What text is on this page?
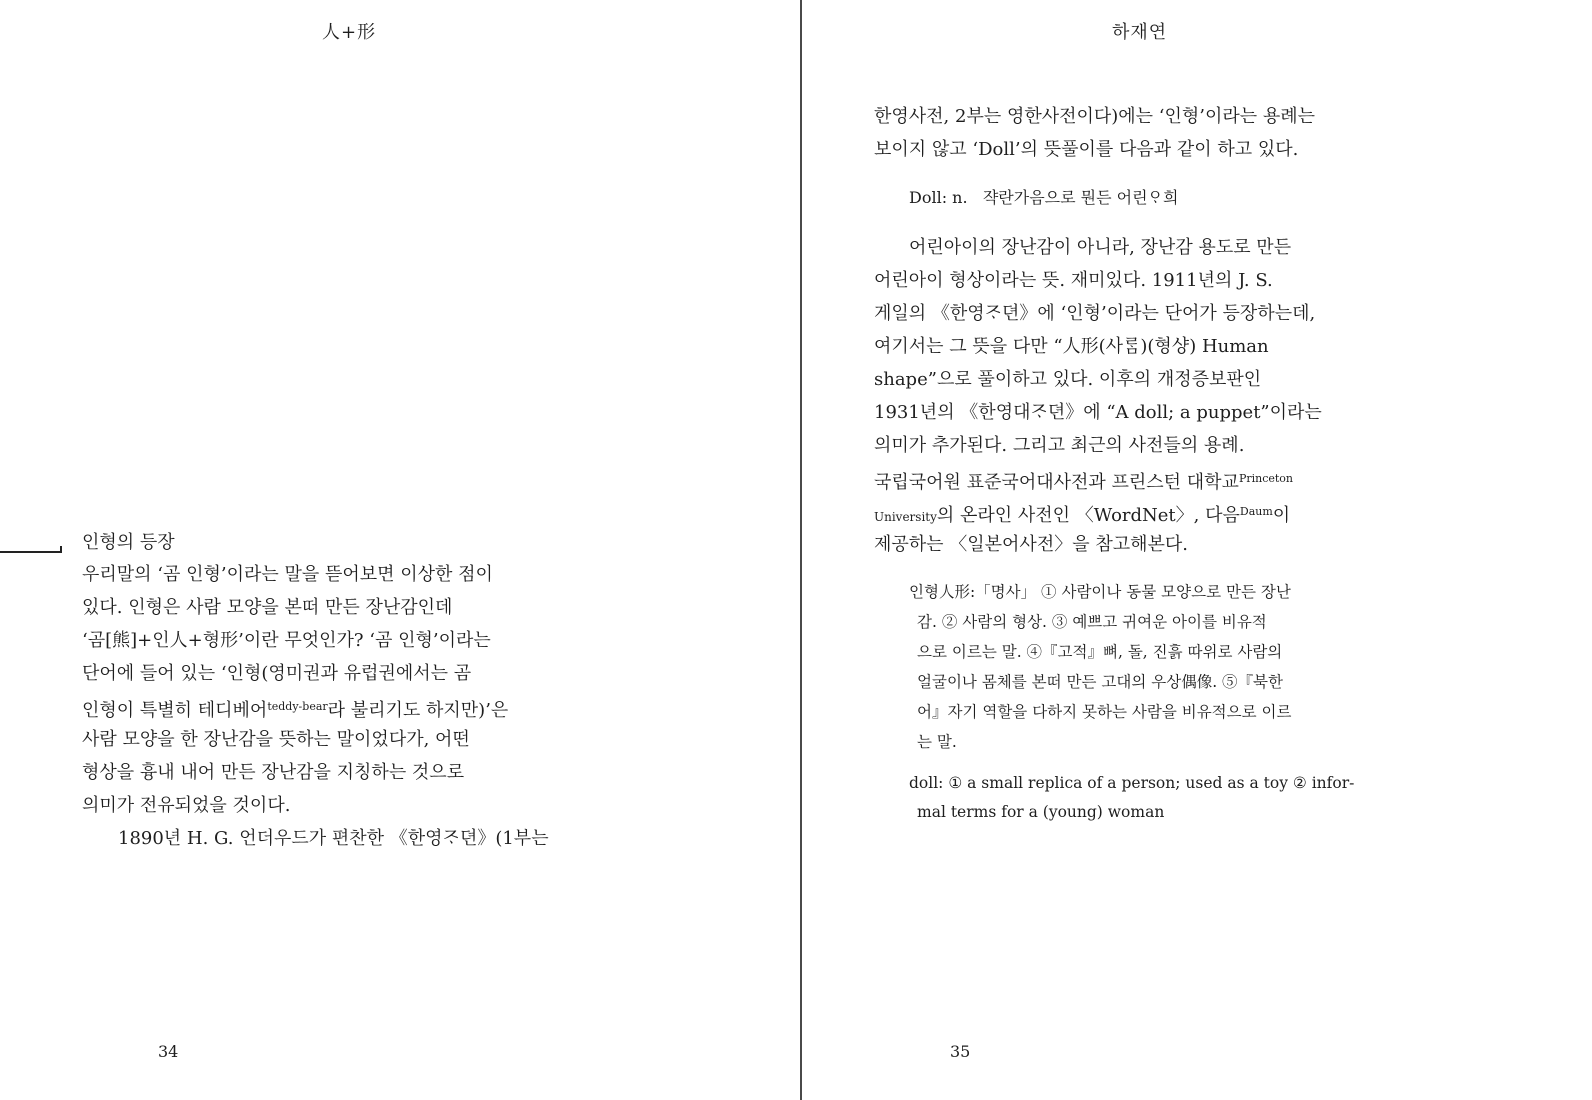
人+形
인형의 등장
우리말의 ‘곰 인형’이라는 말을 뜯어보면 이상한 점이
있다. 인형은 사람 모양을 본떠 만든 장난감인데
‘곰[熊]+인人+형形’이란 무엇인가? ‘곰 인형’이라는
단어에 들어 있는 ‘인형(영미권과 유럽권에서는 곰
인형이 특별히 테디베어$^{teddy-bear}$라 불리기도 하지만)’은
사람 모양을 한 장난감을 뜻하는 말이었다가, 어떤
형상을 흉내 내어 만든 장난감을 지칭하는 것으로
의미가 전유되었을 것이다.
1890년 H. G. 언더우드가 편찬한 《한영ᄌᆞ뎐》(1부는
34
하재연
한영사전, 2부는 영한사전이다)에는 ‘인형’이라는 용례는
보이지 않고 ‘Doll’의 뜻풀이를 다음과 같이 하고 있다.
Doll: n. 쟉란가음으로 뭔든 어린ᄋᆞ희
어린아이의 장난감이 아니라, 장난감 용도로 만든
어린아이 형상이라는 뜻. 재미있다. 1911년의 J. S.
게일의 《한영ᄌᆞ뎐》에 ‘인형’이라는 단어가 등장하는데,
여기서는 그 뜻을 다만 “人形(사ᄅᆞᆷ)(형샹) Human
shape”으로 풀이하고 있다. 이후의 개정증보판인
1931년의 《한영대ᄌᆞ뎐》에 “A doll; a puppet”이라는
의미가 추가된다. 그리고 최근의 사전들의 용례.
국립국어원 표준국어대사전과 프린스턴 대학교$^{Princeton}$
University의 온라인 사전인 〈WordNet〉, 다음$^{Daum}$이
제공하는 〈일본어사전〉을 참고해본다.
인형人形:「명사」 ① 사람이나 동물 모양으로 만든 장난
감. ② 사람의 형상. ③ 예쁘고 귀여운 아이를 비유적
으로 이르는 말. ④『고적』뼈, 돌, 진흙 따위로 사람의
얼굴이나 몸체를 본떠 만든 고대의 우상偶像. ⑤『북한
어』자기 역할을 다하지 못하는 사람을 비유적으로 이르
는 말.
doll: ① a small replica of a person; used as a toy ② infor-
mal terms for a (young) woman
35
